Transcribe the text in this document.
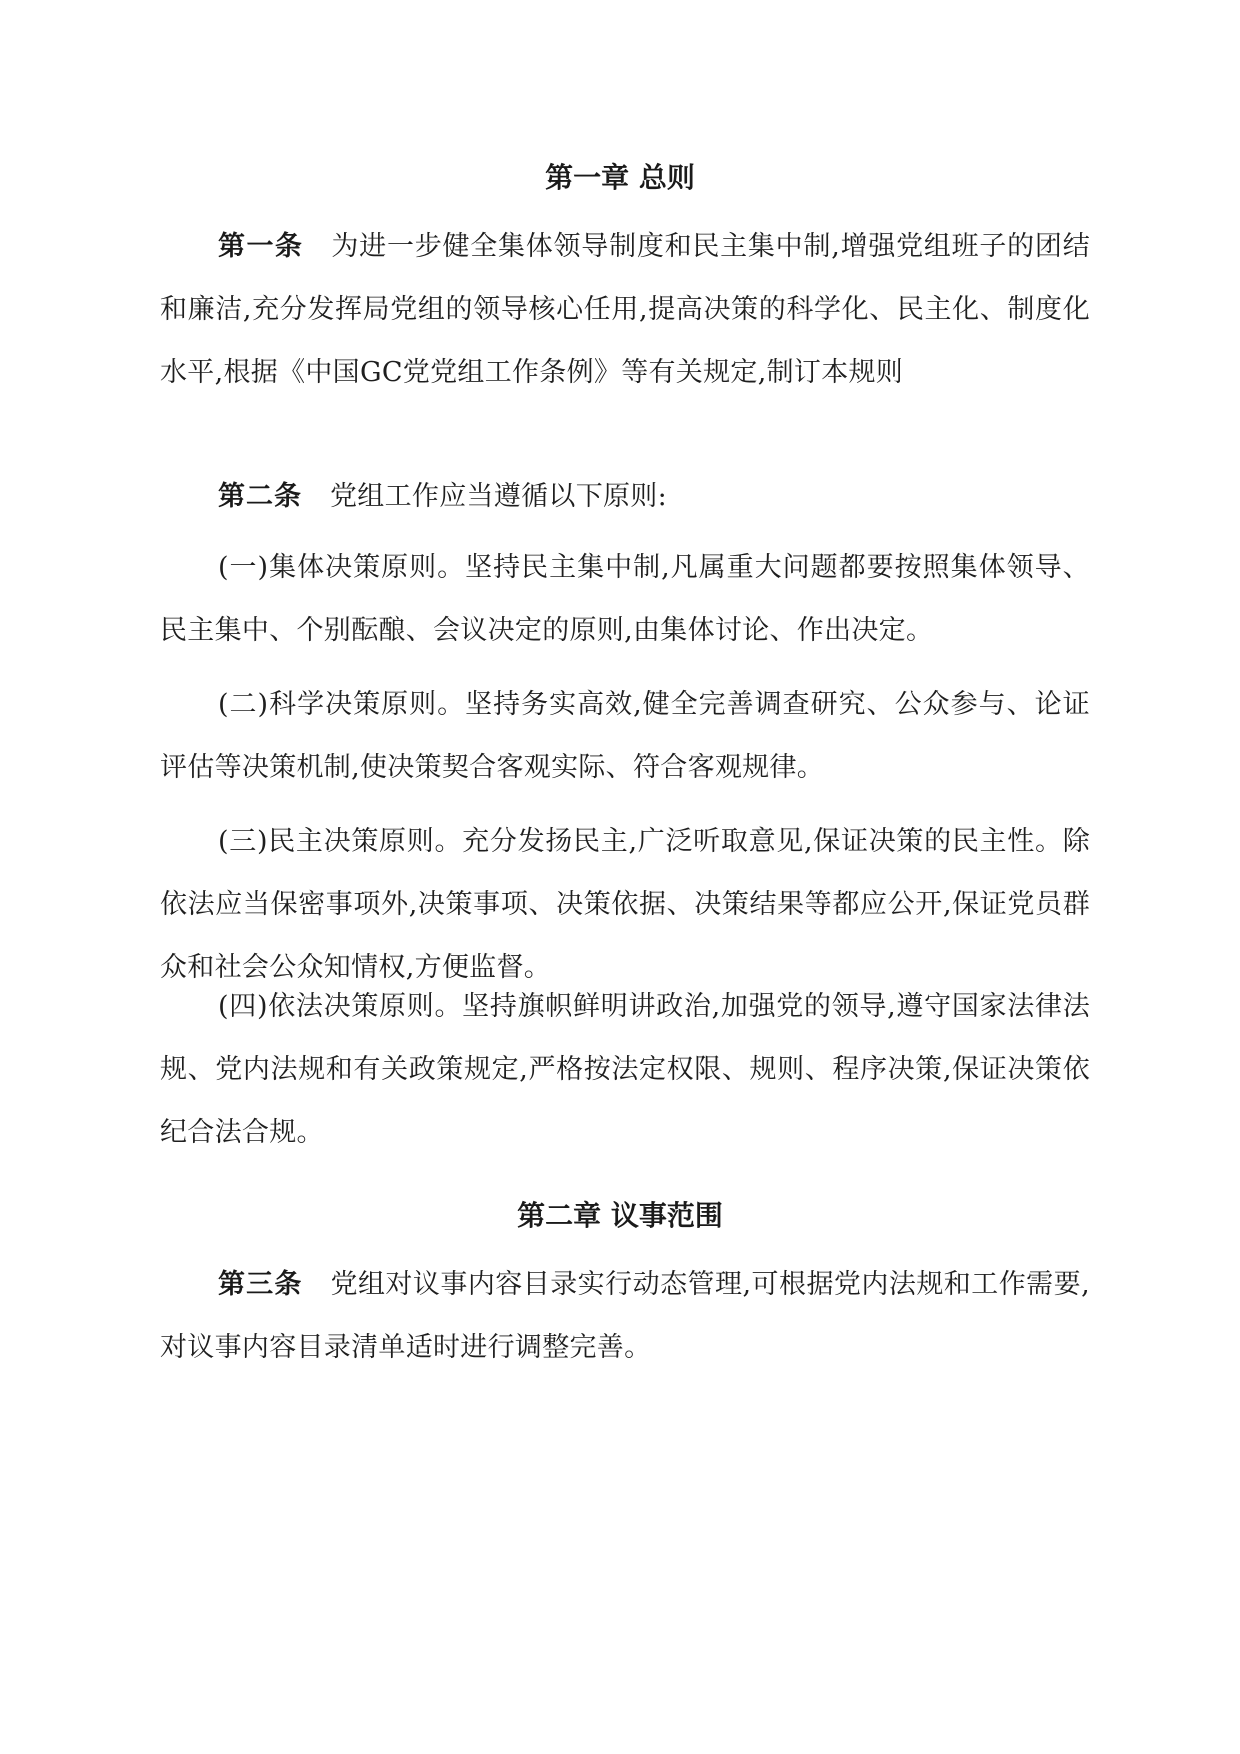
第一章 总则

第一条 为进一步健全集体领导制度和民主集中制,增强党组班子的团结和廉洁,充分发挥局党组的领导核心任用,提高决策的科学化、民主化、制度化水平,根据《中国GC党党组工作条例》等有关规定,制订本规则

第二条 党组工作应当遵循以下原则:

(一)集体决策原则。坚持民主集中制,凡属重大问题都要按照集体领导、民主集中、个别酝酿、会议决定的原则,由集体讨论、作出决定。

(二)科学决策原则。坚持务实高效,健全完善调查研究、公众参与、论证评估等决策机制,使决策契合客观实际、符合客观规律。

(三)民主决策原则。充分发扬民主,广泛听取意见,保证决策的民主性。除依法应当保密事项外,决策事项、决策依据、决策结果等都应公开,保证党员群众和社会公众知情权,方便监督。

(四)依法决策原则。坚持旗帜鲜明讲政治,加强党的领导,遵守国家法律法规、党内法规和有关政策规定,严格按法定权限、规则、程序决策,保证决策依纪合法合规。

第二章 议事范围

第三条 党组对议事内容目录实行动态管理,可根据党内法规和工作需要,对议事内容目录清单适时进行调整完善。
